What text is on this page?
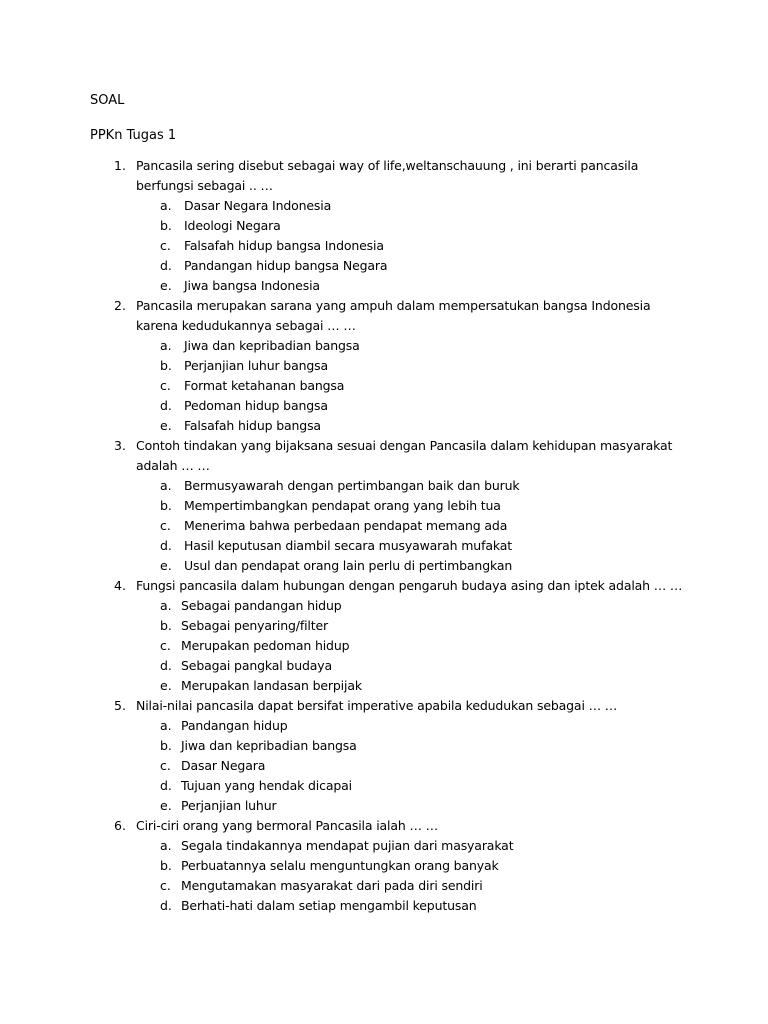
SOAL
PPKn Tugas 1
1. Pancasila sering disebut sebagai way of life,weltanschauung , ini berarti pancasila berfungsi sebagai .. …
a. Dasar Negara Indonesia
b. Ideologi Negara
c. Falsafah hidup bangsa Indonesia
d. Pandangan hidup bangsa Negara
e. Jiwa bangsa Indonesia
2. Pancasila merupakan sarana yang ampuh dalam mempersatukan bangsa Indonesia karena kedudukannya sebagai … …
a. Jiwa dan kepribadian bangsa
b. Perjanjian luhur bangsa
c. Format ketahanan bangsa
d. Pedoman hidup bangsa
e. Falsafah hidup bangsa
3. Contoh tindakan yang bijaksana sesuai dengan Pancasila dalam kehidupan masyarakat adalah … …
a. Bermusyawarah dengan pertimbangan baik dan buruk
b. Mempertimbangkan pendapat orang yang lebih tua
c. Menerima bahwa perbedaan pendapat memang ada
d. Hasil keputusan diambil secara musyawarah mufakat
e. Usul dan pendapat orang lain perlu di pertimbangkan
4. Fungsi pancasila dalam hubungan dengan pengaruh budaya asing dan iptek adalah … …
a. Sebagai pandangan hidup
b. Sebagai penyaring/filter
c. Merupakan pedoman hidup
d. Sebagai pangkal budaya
e. Merupakan landasan berpijak
5. Nilai-nilai pancasila dapat bersifat imperative apabila kedudukan sebagai … …
a. Pandangan hidup
b. Jiwa dan kepribadian bangsa
c. Dasar Negara
d. Tujuan yang hendak dicapai
e. Perjanjian luhur
6. Ciri-ciri orang yang bermoral Pancasila ialah … …
a. Segala tindakannya mendapat pujian dari masyarakat
b. Perbuatannya selalu menguntungkan orang banyak
c. Mengutamakan masyarakat dari pada diri sendiri
d. Berhati-hati dalam setiap mengambil keputusan
